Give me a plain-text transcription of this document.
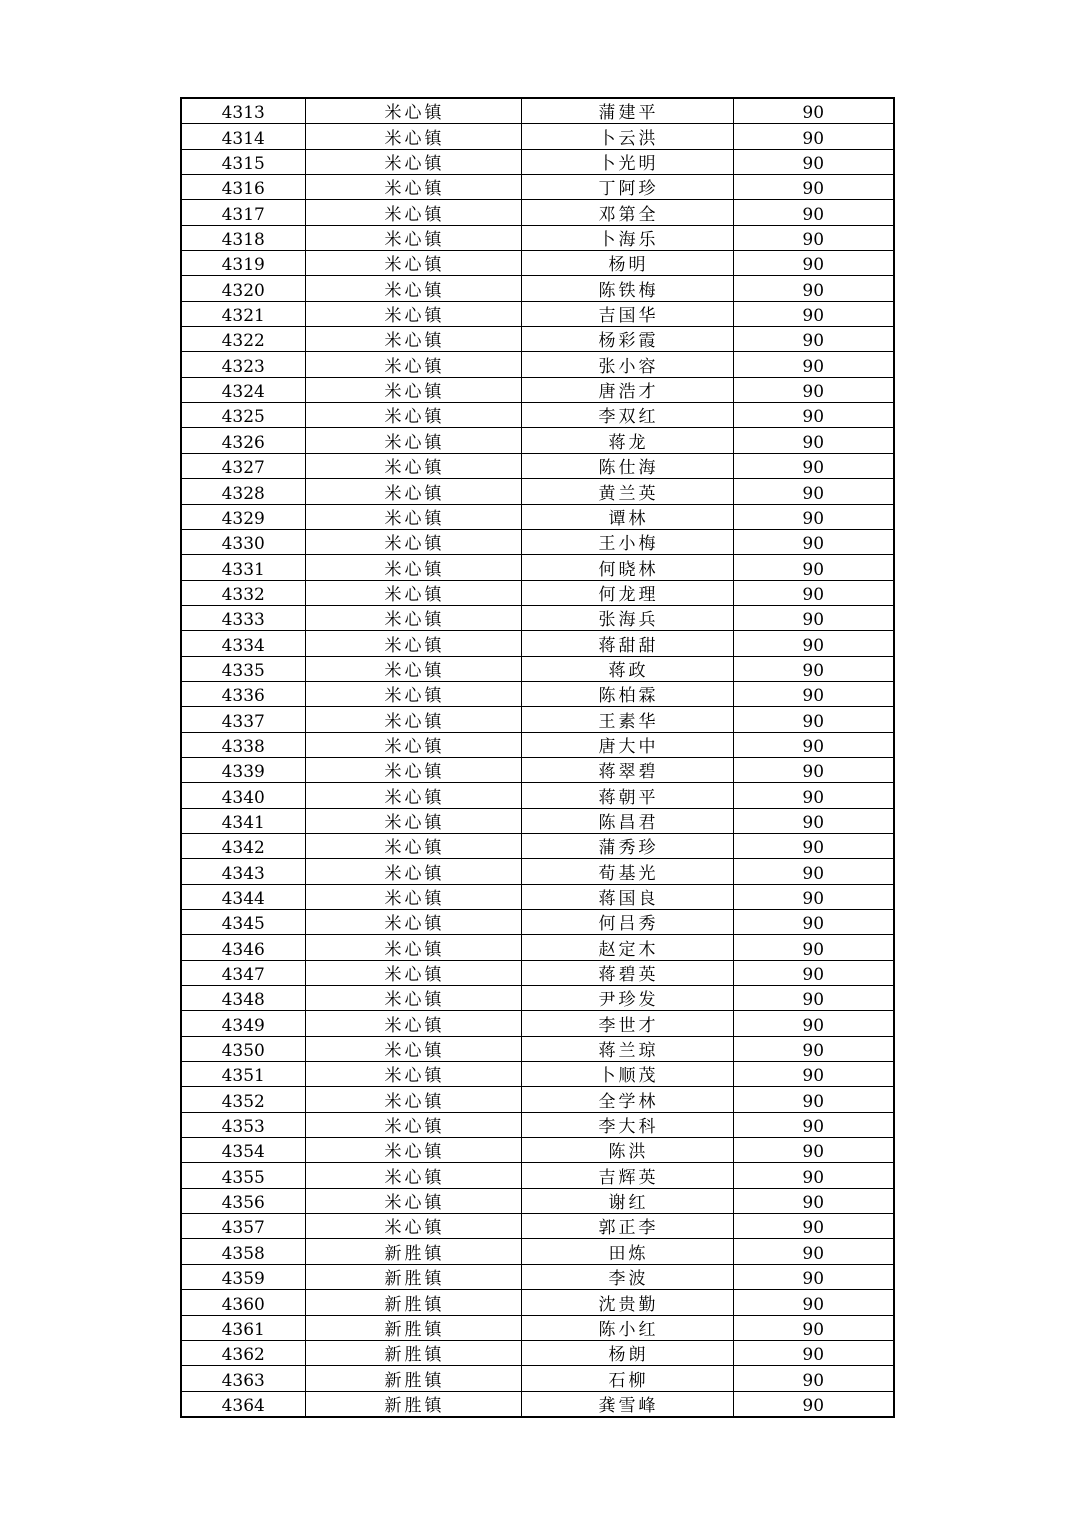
4313	米心镇	蒲建平	90
4314	米心镇	卜云洪	90
4315	米心镇	卜光明	90
4316	米心镇	丁阿珍	90
4317	米心镇	邓第全	90
4318	米心镇	卜海乐	90
4319	米心镇	杨明	90
4320	米心镇	陈铁梅	90
4321	米心镇	吉国华	90
4322	米心镇	杨彩霞	90
4323	米心镇	张小容	90
4324	米心镇	唐浩才	90
4325	米心镇	李双红	90
4326	米心镇	蒋龙	90
4327	米心镇	陈仕海	90
4328	米心镇	黄兰英	90
4329	米心镇	谭林	90
4330	米心镇	王小梅	90
4331	米心镇	何晓林	90
4332	米心镇	何龙理	90
4333	米心镇	张海兵	90
4334	米心镇	蒋甜甜	90
4335	米心镇	蒋政	90
4336	米心镇	陈柏霖	90
4337	米心镇	王素华	90
4338	米心镇	唐大中	90
4339	米心镇	蒋翠碧	90
4340	米心镇	蒋朝平	90
4341	米心镇	陈昌君	90
4342	米心镇	蒲秀珍	90
4343	米心镇	荀基光	90
4344	米心镇	蒋国良	90
4345	米心镇	何吕秀	90
4346	米心镇	赵定木	90
4347	米心镇	蒋碧英	90
4348	米心镇	尹珍发	90
4349	米心镇	李世才	90
4350	米心镇	蒋兰琼	90
4351	米心镇	卜顺茂	90
4352	米心镇	全学林	90
4353	米心镇	李大科	90
4354	米心镇	陈洪	90
4355	米心镇	吉辉英	90
4356	米心镇	谢红	90
4357	米心镇	郭正李	90
4358	新胜镇	田炼	90
4359	新胜镇	李波	90
4360	新胜镇	沈贵勤	90
4361	新胜镇	陈小红	90
4362	新胜镇	杨朗	90
4363	新胜镇	石柳	90
4364	新胜镇	龚雪峰	90
